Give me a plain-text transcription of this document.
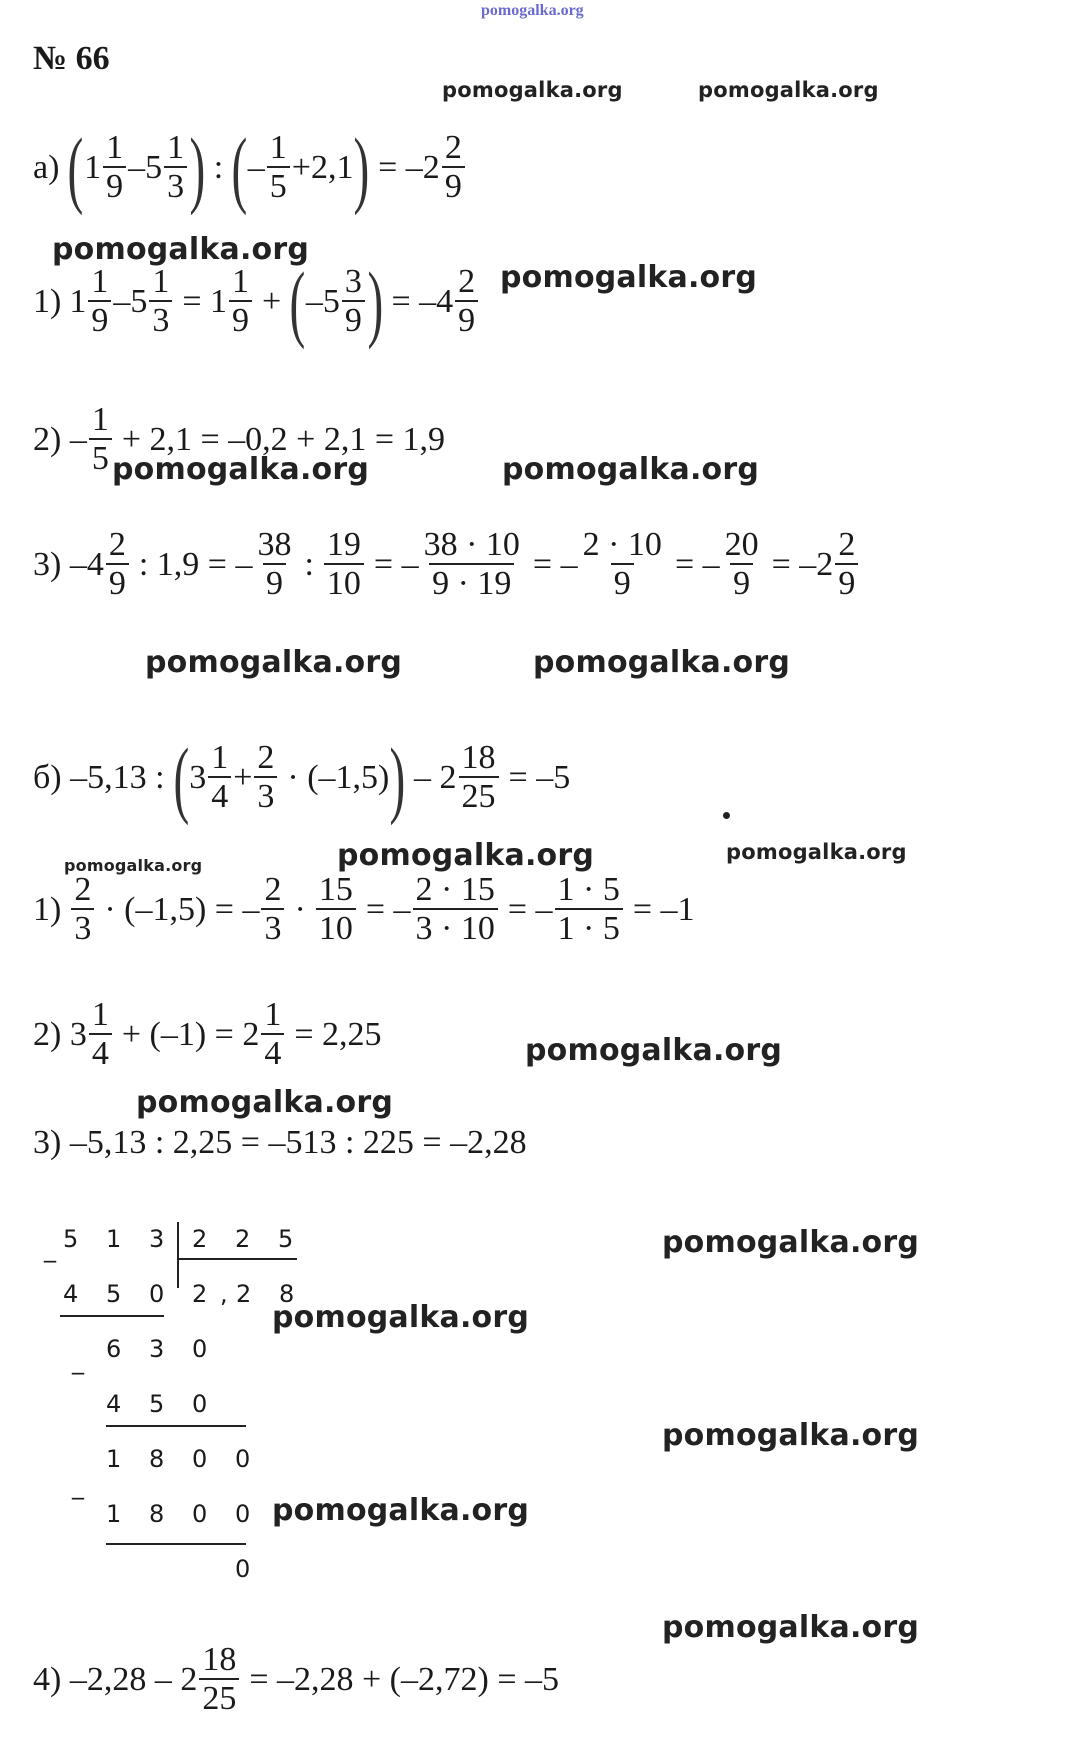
pomogalka.org
№ 66
pomogalka.org	pomogalka.org
pomogalka.org
pomogalka.org
pomogalka.org	pomogalka.org
pomogalka.org	pomogalka.org
pomogalka.org	pomogalka.org	pomogalka.org
pomogalka.org
pomogalka.org
pomogalka.org
pomogalka.org
pomogalka.org
pomogalka.org
pomogalka.org
а) ( $1 \frac{1}{9} -5 \frac{1}{3}$ ) : ( – $\frac{1}{5} +2,1$ ) = $-2 \frac{2}{9}$
1) $1 \frac{1}{9} -5 \frac{1}{3} = 1 \frac{1}{9}$ + ( $-5 \frac{3}{9}$ ) = $-4 \frac{2}{9}$
$2) - \frac{1}{5} + 2,1 = -0,2 + 2,1 = 1,9$
3) $-4 \frac{2}{9}$ : 1,9 = – $\frac{38}{9}$ : $\frac{19}{10}$ = – $\frac{38 \cdot 10}{9 \cdot 19}$ = – $\frac{2 \cdot 10}{9}$ = – $\frac{20}{9} = -2 \frac{2}{9}$
б) –5,13 : ( $3 \frac{1}{4} + \frac{2}{3} \cdot (-1,5)$ ) – $2 \frac{18}{25} = -5$
$1) \frac{2}{3} \cdot (-1,5)$ = – $\frac{2}{3} \cdot \frac{15}{10}$ = – $\frac{2 \cdot 15}{3 \cdot 10}$ = – $\frac{1 \cdot 5}{1 \cdot 5} = -1$
2) $3 \frac{1}{4} + (-1) = 2 \frac{1}{4} = 2,25$
3) –5,13 : 2,25 = –513 : 225 = –2,28
_ 5 1 3	2 2 5
4 5 0	2 , 2 8
_ 6 3 0
4 5 0
_
1 8 0 0
1 8 0 0
0
4) $-2,28 - 2 \frac{18}{25} = -2,28 + (-2,72) = -5$
